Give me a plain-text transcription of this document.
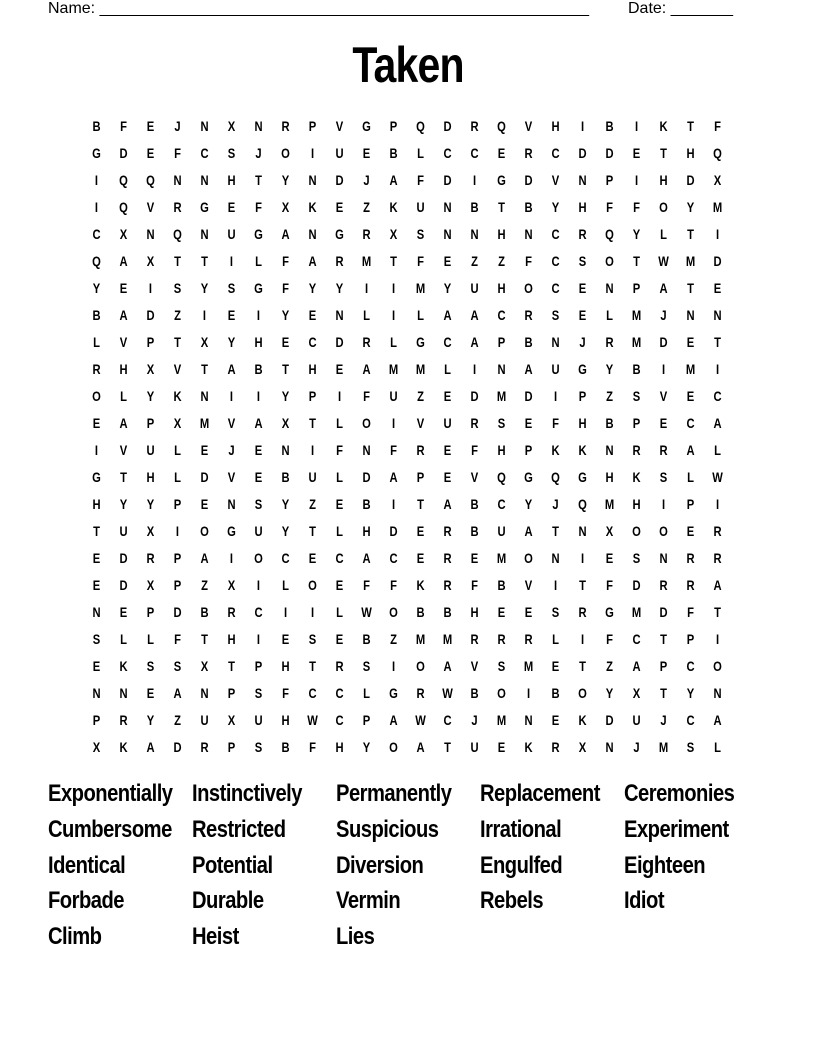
Name: _______________________________________________________ Date: _______
Taken
B	F	E	J	N	X	N	R	P	V	G	P	Q	D	R	Q	V	H	I	B	I	K	T	F
G	D	E	F	C	S	J	O	I	U	E	B	L	C	C	E	R	C	D	D	E	T	H	Q
I	Q	Q	N	N	H	T	Y	N	D	J	A	F	D	I	G	D	V	N	P	I	H	D	X
I	Q	V	R	G	E	F	X	K	E	Z	K	U	N	B	T	B	Y	H	F	F	O	Y	M
C	X	N	Q	N	U	G	A	N	G	R	X	S	N	N	H	N	C	R	Q	Y	L	T	I
Q	A	X	T	T	I	L	F	A	R	M	T	F	E	Z	Z	F	C	S	O	T	W	M	D
Y	E	I	S	Y	S	G	F	Y	Y	I	I	M	Y	U	H	O	C	E	N	P	A	T	E
B	A	D	Z	I	E	I	Y	E	N	L	I	L	A	A	C	R	S	E	L	M	J	N	N
L	V	P	T	X	Y	H	E	C	D	R	L	G	C	A	P	B	N	J	R	M	D	E	T
R	H	X	V	T	A	B	T	H	E	A	M	M	L	I	N	A	U	G	Y	B	I	M	I
O	L	Y	K	N	I	I	Y	P	I	F	U	Z	E	D	M	D	I	P	Z	S	V	E	C
E	A	P	X	M	V	A	X	T	L	O	I	V	U	R	S	E	F	H	B	P	E	C	A
I	V	U	L	E	J	E	N	I	F	N	F	R	E	F	H	P	K	K	N	R	R	A	L
G	T	H	L	D	V	E	B	U	L	D	A	P	E	V	Q	G	Q	G	H	K	S	L	W
H	Y	Y	P	E	N	S	Y	Z	E	B	I	T	A	B	C	Y	J	Q	M	H	I	P	I
T	U	X	I	O	G	U	Y	T	L	H	D	E	R	B	U	A	T	N	X	O	O	E	R
E	D	R	P	A	I	O	C	E	C	A	C	E	R	E	M	O	N	I	E	S	N	R	R
E	D	X	P	Z	X	I	L	O	E	F	F	K	R	F	B	V	I	T	F	D	R	R	A
N	E	P	D	B	R	C	I	I	L	W	O	B	B	H	E	E	S	R	G	M	D	F	T
S	L	L	F	T	H	I	E	S	E	B	Z	M	M	R	R	R	L	I	F	C	T	P	I
E	K	S	S	X	T	P	H	T	R	S	I	O	A	V	S	M	E	T	Z	A	P	C	O
N	N	E	A	N	P	S	F	C	C	L	G	R	W	B	O	I	B	O	Y	X	T	Y	N
P	R	Y	Z	U	X	U	H	W	C	P	A	W	C	J	M	N	E	K	D	U	J	C	A
X	K	A	D	R	P	S	B	F	H	Y	O	A	T	U	E	K	R	X	N	J	M	S	L
Exponentially Instinctively	Permanently Replacement Ceremonies
Cumbersome Restricted	Suspicious	Irrational	Experiment
Identical	Potential	Diversion	Engulfed	Eighteen
Forbade	Durable	Vermin	Rebels	Idiot
Climb	Heist	Lies
